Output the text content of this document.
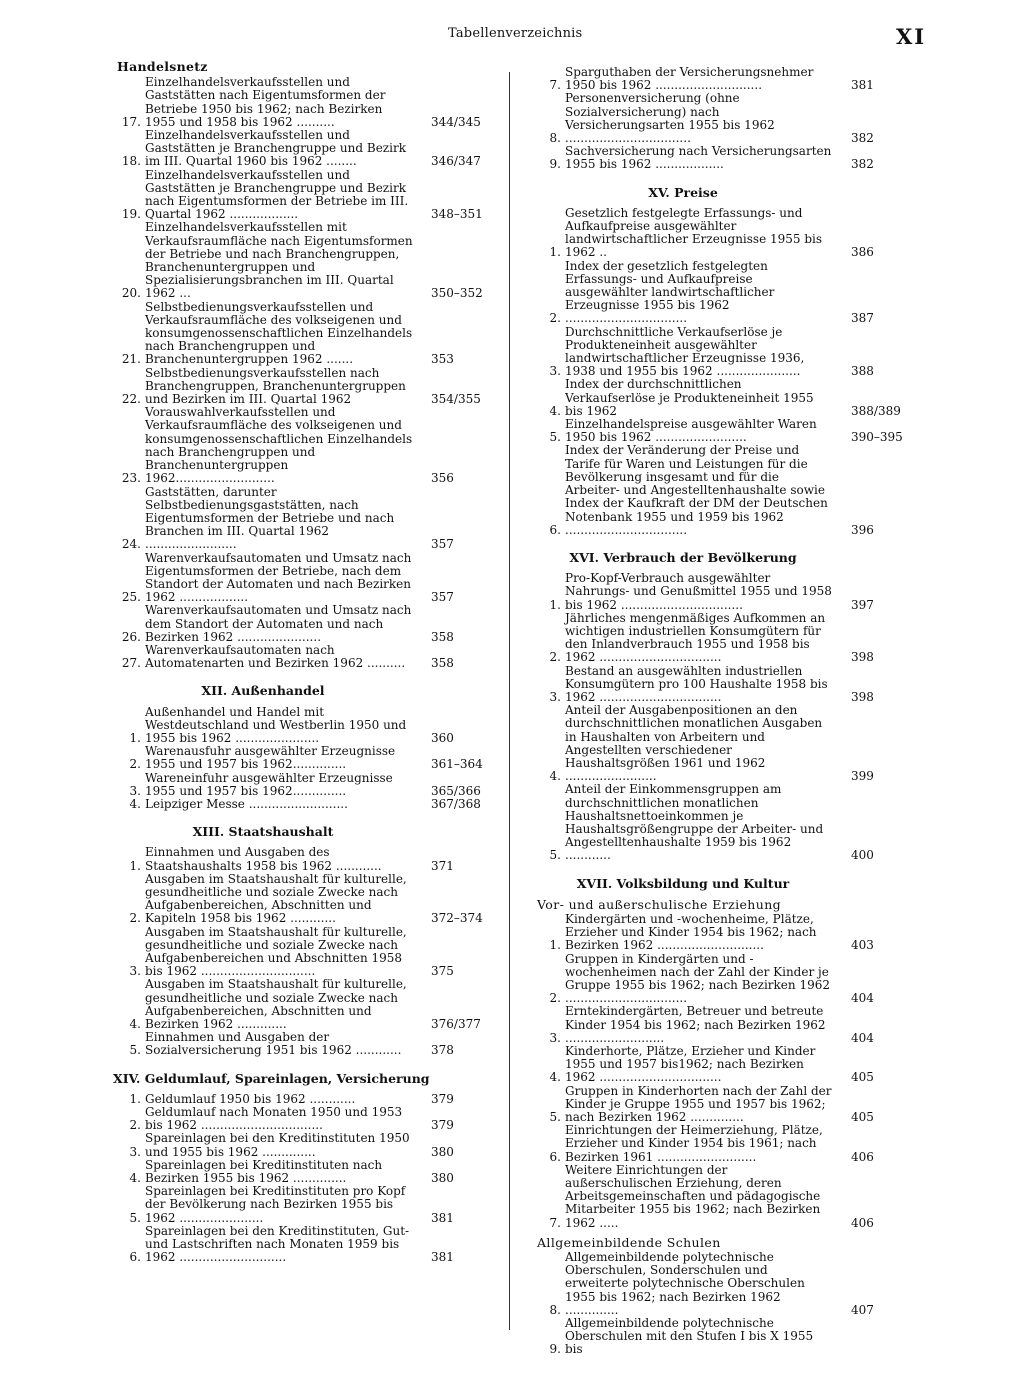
Tabellenverzeichnis	XI
Handelsnetz
17.
Einzelhandelsverkaufsstellen und Gaststätten nach Eigentumsformen der Betriebe 1950 bis 1962; nach Bezirken 1955 und 1958 bis 1962 ..........	344/345
18.
Einzelhandelsverkaufsstellen und Gaststätten je Branchengruppe und Bezirk im III. Quartal 1960 bis 1962 ........	346/347
19.
Einzelhandelsverkaufsstellen und Gaststätten je Branchengruppe und Bezirk nach Eigentumsformen der Betriebe im III. Quartal 1962 ..................	348–351
20.
Einzelhandelsverkaufsstellen mit Verkaufsraumfläche nach Eigentumsformen der Betriebe und nach Branchengruppen, Branchenuntergruppen und Spezialisierungsbranchen im III. Quartal 1962 ...	350–352
21.
Selbstbedienungsverkaufsstellen und Verkaufsraumfläche des volkseigenen und konsumgenossenschaftlichen Einzelhandels nach Branchengruppen und Branchenuntergruppen 1962 .......	353
22.
Selbstbedienungsverkaufsstellen nach Branchengruppen, Branchenuntergruppen und Bezirken im III. Quartal 1962	354/355
23.
Vorauswahlverkaufsstellen und Verkaufsraumfläche des volkseigenen und konsumgenossenschaftlichen Einzelhandels nach Branchengruppen und Branchenuntergruppen 1962..........................	356
24.
Gaststätten, darunter Selbstbedienungsgaststätten, nach Eigentumsformen der Betriebe und nach Branchen im III. Quartal 1962 ........................	357
25.
Warenverkaufsautomaten und Umsatz nach Eigentumsformen der Betriebe, nach dem Standort der Automaten und nach Bezirken 1962 ..................	357
26.
Warenverkaufsautomaten und Umsatz nach dem Standort der Automaten und nach Bezirken 1962 ......................	358
27.
Warenverkaufsautomaten nach Automatenarten und Bezirken 1962 ..........	358
XII. Außenhandel
1.
Außenhandel und Handel mit Westdeutschland und Westberlin 1950 und 1955 bis 1962 ......................	360
2.
Warenausfuhr ausgewählter Erzeugnisse 1955 und 1957 bis 1962..............	361–364
3.
Wareneinfuhr ausgewählter Erzeugnisse 1955 und 1957 bis 1962..............	365/366
4. Leipziger Messe ..........................	367/368
XIII. Staatshaushalt
1.
Einnahmen und Ausgaben des Staatshaushalts 1958 bis 1962 ............	371
2.
Ausgaben im Staatshaushalt für kulturelle, gesundheitliche und soziale Zwecke nach Aufgabenbereichen, Abschnitten und Kapiteln 1958 bis 1962 ............	372–374
3.
Ausgaben im Staatshaushalt für kulturelle, gesundheitliche und soziale Zwecke nach Aufgabenbereichen und Abschnitten 1958 bis 1962 ..............................	375
4.
Ausgaben im Staatshaushalt für kulturelle, gesundheitliche und soziale Zwecke nach Aufgabenbereichen, Abschnitten und Bezirken 1962 .............	376/377
5.
Einnahmen und Ausgaben der Sozialversicherung 1951 bis 1962 ............	378
XIV. Geldumlauf, Spareinlagen, Versicherung
1. Geldumlauf 1950 bis 1962 ............	379
2.
Geldumlauf nach Monaten 1950 und 1953 bis 1962 ................................	379
3.
Spareinlagen bei den Kreditinstituten 1950 und 1955 bis 1962 ..............	380
4.
Spareinlagen bei Kreditinstituten nach Bezirken 1955 bis 1962 ..............	380
5.
Spareinlagen bei Kreditinstituten pro Kopf der Bevölkerung nach Bezirken 1955 bis 1962 ......................	381
6.
Spareinlagen bei den Kreditinstituten, Gut- und Lastschriften nach Monaten 1959 bis 1962 ............................	381
7.
Sparguthaben der Versicherungsnehmer 1950 bis 1962 ............................	381
8.
Personenversicherung (ohne Sozialversicherung) nach Versicherungsarten 1955 bis 1962 .................................	382
9.
Sachversicherung nach Versicherungsarten 1955 bis 1962 ..................	382
XV. Preise
1.
Gesetzlich festgelegte Erfassungs- und Aufkaufpreise ausgewählter landwirtschaftlicher Erzeugnisse 1955 bis 1962 ..	386
2.
Index der gesetzlich festgelegten Erfassungs- und Aufkaufpreise ausgewählter landwirtschaftlicher Erzeugnisse 1955 bis 1962 ................................	387
3.
Durchschnittliche Verkaufserlöse je Produkteneinheit ausgewählter landwirtschaftlicher Erzeugnisse 1936, 1938 und 1955 bis 1962 ......................	388
4.
Index der durchschnittlichen Verkaufserlöse je Produkteneinheit 1955 bis 1962	388/389
5.
Einzelhandelspreise ausgewählter Waren 1950 bis 1962 ........................	390–395
6.
Index der Veränderung der Preise und Tarife für Waren und Leistungen für die Bevölkerung insgesamt und für die Arbeiter- und Angestelltenhaushalte sowie Index der Kaufkraft der DM der Deutschen Notenbank 1955 und 1959 bis 1962 ................................	396
XVI. Verbrauch der Bevölkerung
1.
Pro-Kopf-Verbrauch ausgewählter Nahrungs- und Genußmittel 1955 und 1958 bis 1962 ................................	397
2.
Jährliches mengenmäßiges Aufkommen an wichtigen industriellen Konsumgütern für den Inlandverbrauch 1955 und 1958 bis 1962 ................................	398
3.
Bestand an ausgewählten industriellen Konsumgütern pro 100 Haushalte 1958 bis 1962 ................................	398
4.
Anteil der Ausgabenpositionen an den durchschnittlichen monatlichen Ausgaben in Haushalten von Arbeitern und Angestellten verschiedener Haushaltsgrößen 1961 und 1962 ........................	399
5.
Anteil der Einkommensgruppen am durchschnittlichen monatlichen Haushaltsnettoeinkommen je Haushaltsgrößengruppe der Arbeiter- und Angestelltenhaushalte 1959 bis 1962 ............	400
XVII. Volksbildung und Kultur
Vor- und außerschulische Erziehung
1.
Kindergärten und -wochenheime, Plätze, Erzieher und Kinder 1954 bis 1962; nach Bezirken 1962 ............................	403
2.
Gruppen in Kindergärten und -wochenheimen nach der Zahl der Kinder je Gruppe 1955 bis 1962; nach Bezirken 1962 ................................	404
3.
Erntekindergärten, Betreuer und betreute Kinder 1954 bis 1962; nach Bezirken 1962 ..........................	404
4.
Kinderhorte, Plätze, Erzieher und Kinder 1955 und 1957 bis1962; nach Bezirken 1962 ................................	405
5.
Gruppen in Kinderhorten nach der Zahl der Kinder je Gruppe 1955 und 1957 bis 1962; nach Bezirken 1962 ..............	405
6.
Einrichtungen der Heimerziehung, Plätze, Erzieher und Kinder 1954 bis 1961; nach Bezirken 1961 ..........................	406
7.
Weitere Einrichtungen der außerschulischen Erziehung, deren Arbeitsgemeinschaften und pädagogische Mitarbeiter 1955 bis 1962; nach Bezirken 1962 .....	406
Allgemeinbildende Schulen
8.
Allgemeinbildende polytechnische Oberschulen, Sonderschulen und erweiterte polytechnische Oberschulen 1955 bis 1962; nach Bezirken 1962 ..............	407
9.
Allgemeinbildende polytechnische Oberschulen mit den Stufen I bis X 1955 bis
